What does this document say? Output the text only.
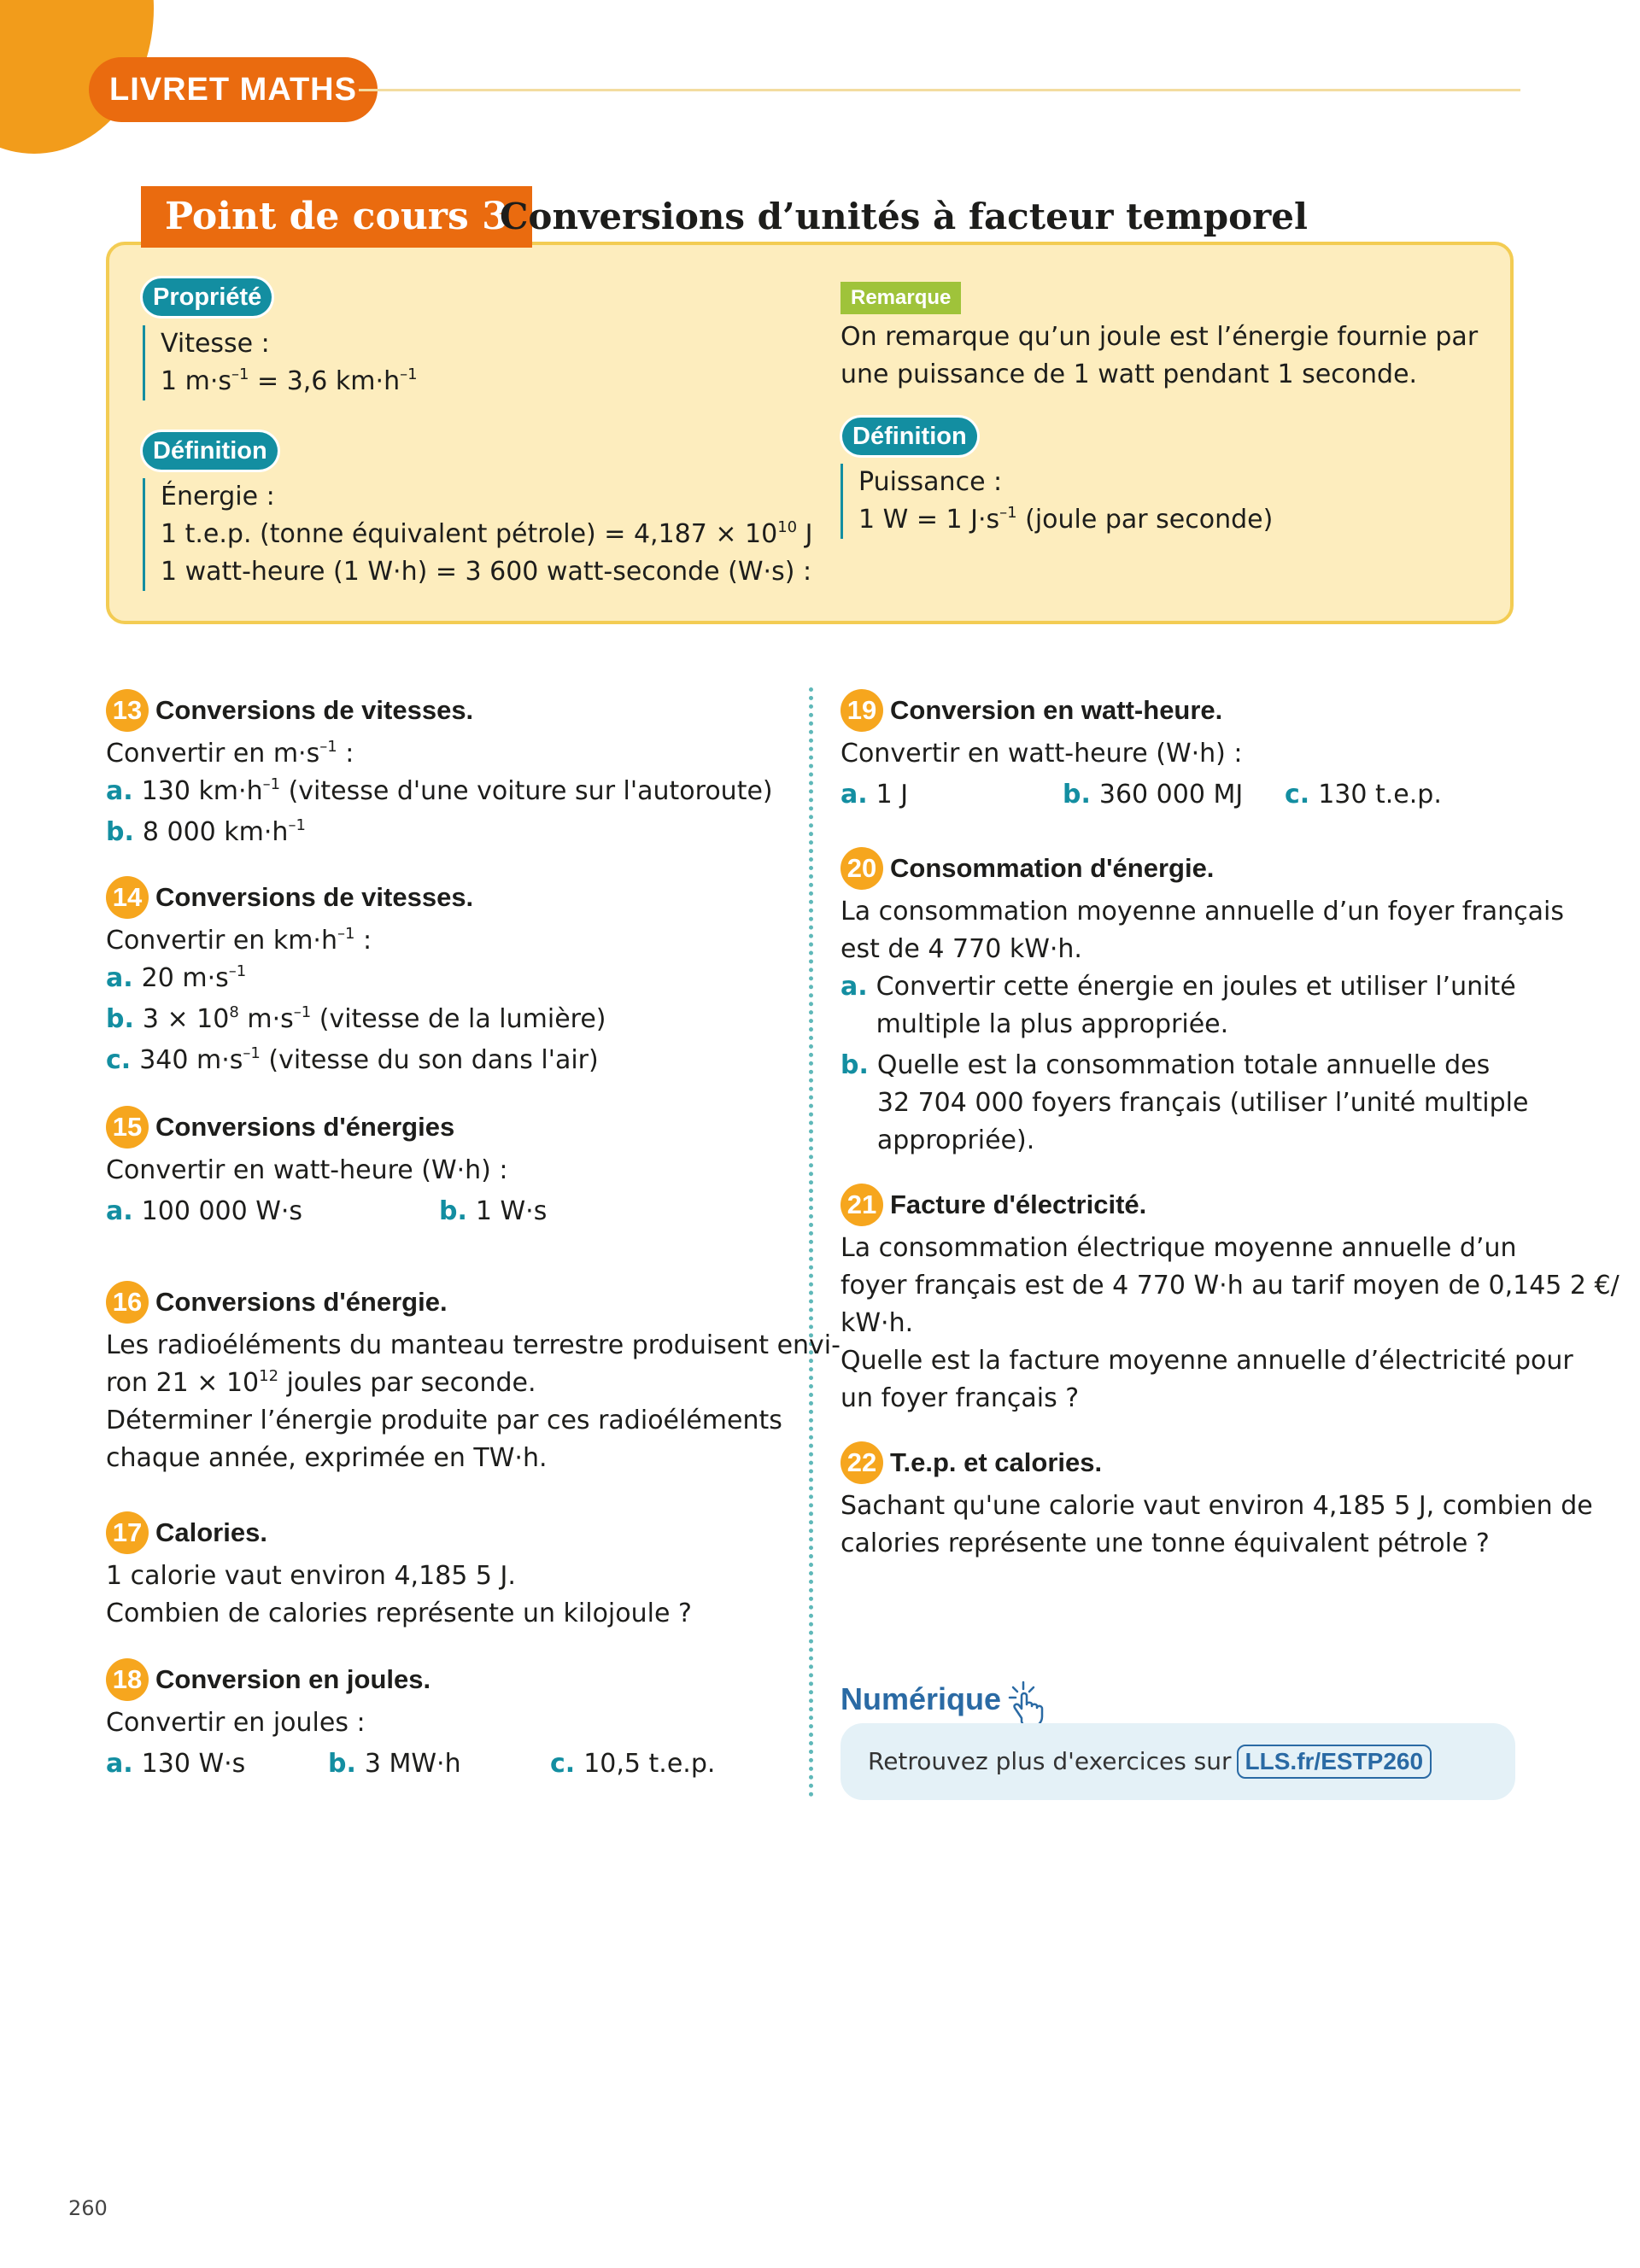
LIVRET MATHS
Point de cours 3
Conversions d’unités à facteur temporel
Propriété
Vitesse :
1 $m\cdot s^{-1} = 3,6$ $km\cdot h^{-1}$
Définition
Énergie :
1 t.e.p. (tonne équivalent pétrole) = $4,187 \times 10^{10}$ J
1 watt-heure (1 W·h) = 3 600 watt-seconde (W·s) :
Remarque
On remarque qu’un joule est l’énergie fournie par
une puissance de 1 watt pendant 1 seconde.
Définition
Puissance :
1 W = 1 $J\cdot s^{-1}$ (joule par seconde)
13 Conversions de vitesses.
Convertir en $m\cdot s^{-1}$ :
a. 130 $km\cdot h^{-1}$ (vitesse d'une voiture sur l'autoroute)
b. 8 000 $km\cdot h^{-1}$
14 Conversions de vitesses.
Convertir en $km\cdot h^{-1}$ :
a. 20 $m\cdot s^{-1}$
b. $3 \times 10^8$ $m\cdot s^{-1}$ (vitesse de la lumière)
c. 340 $m\cdot s^{-1}$ (vitesse du son dans l'air)
15 Conversions d'énergies
Convertir en watt-heure (W·h) :
a. 100 000 W·s	b. 1 W·s
16 Conversions d'énergie.
Les radioéléments du manteau terrestre produisent envi-
ron $21 \times 10^{12}$ joules par seconde.
Déterminer l’énergie produite par ces radioéléments
chaque année, exprimée en TW·h.
17 Calories.
1 calorie vaut environ 4,185 5 J.
Combien de calories représente un kilojoule ?
18 Conversion en joules.
Convertir en joules :
a. 130 W·s	b. 3 MW·h	c. 10,5 t.e.p.
19 Conversion en watt-heure.
Convertir en watt-heure (W·h) :
a. 1 J	b. 360 000 MJ c. 130 t.e.p.
20 Consommation d'énergie.
La consommation moyenne annuelle d’un foyer français
est de 4 770 kW·h.
a. Convertir cette énergie en joules et utiliser l’unité
multiple la plus appropriée.
b. Quelle est la consommation totale annuelle des
32 704 000 foyers français (utiliser l’unité multiple
appropriée).
21 Facture d'électricité.
La consommation électrique moyenne annuelle d’un
foyer français est de 4 770 W·h au tarif moyen de 0,145 2 €/
kW·h.
Quelle est la facture moyenne annuelle d’électricité pour
un foyer français ?
22 T.e.p. et calories.
Sachant qu'une calorie vaut environ 4,185 5 J, combien de
calories représente une tonne équivalent pétrole ?
Numérique
Retrouvez plus d'exercices sur LLS.fr/ESTP260
260
